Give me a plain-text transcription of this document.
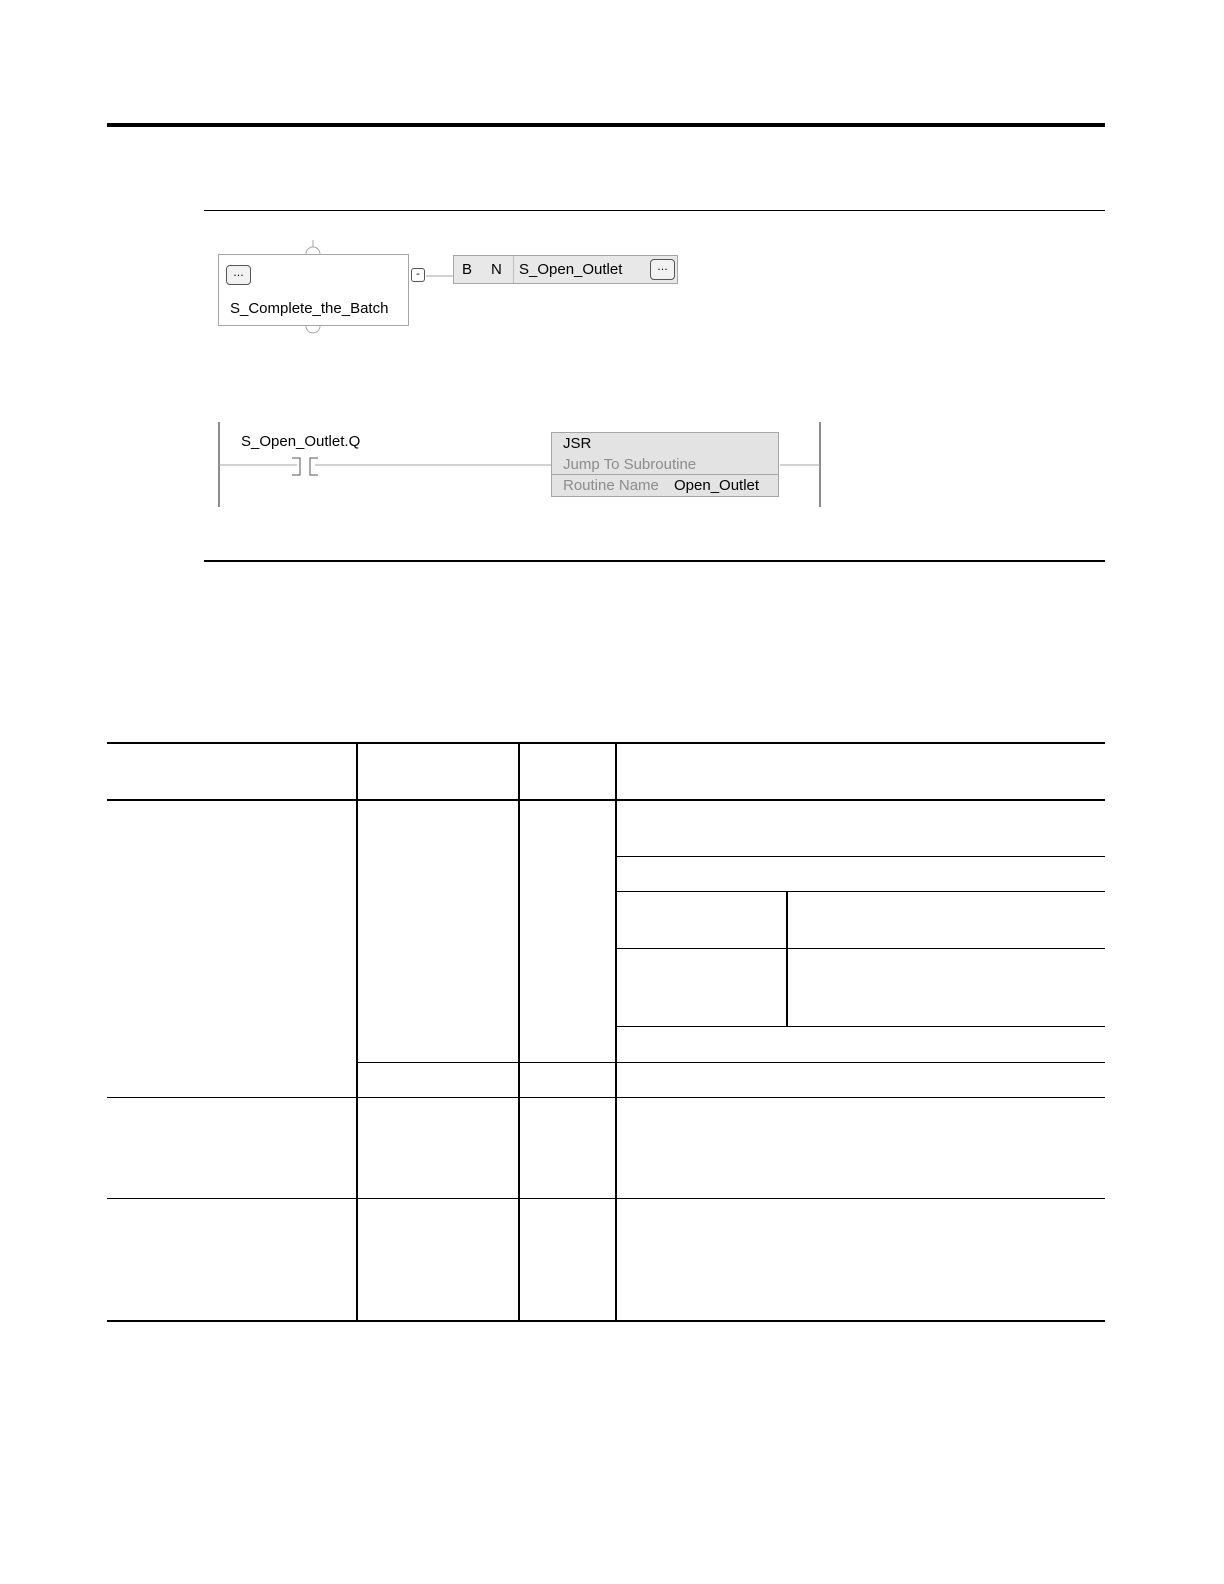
...
S_Complete_the_Batch
-	B N S_Open_Outlet	...
S_Open_Outlet.Q	JSR
Jump To Subroutine
Routine Name Open_Outlet
